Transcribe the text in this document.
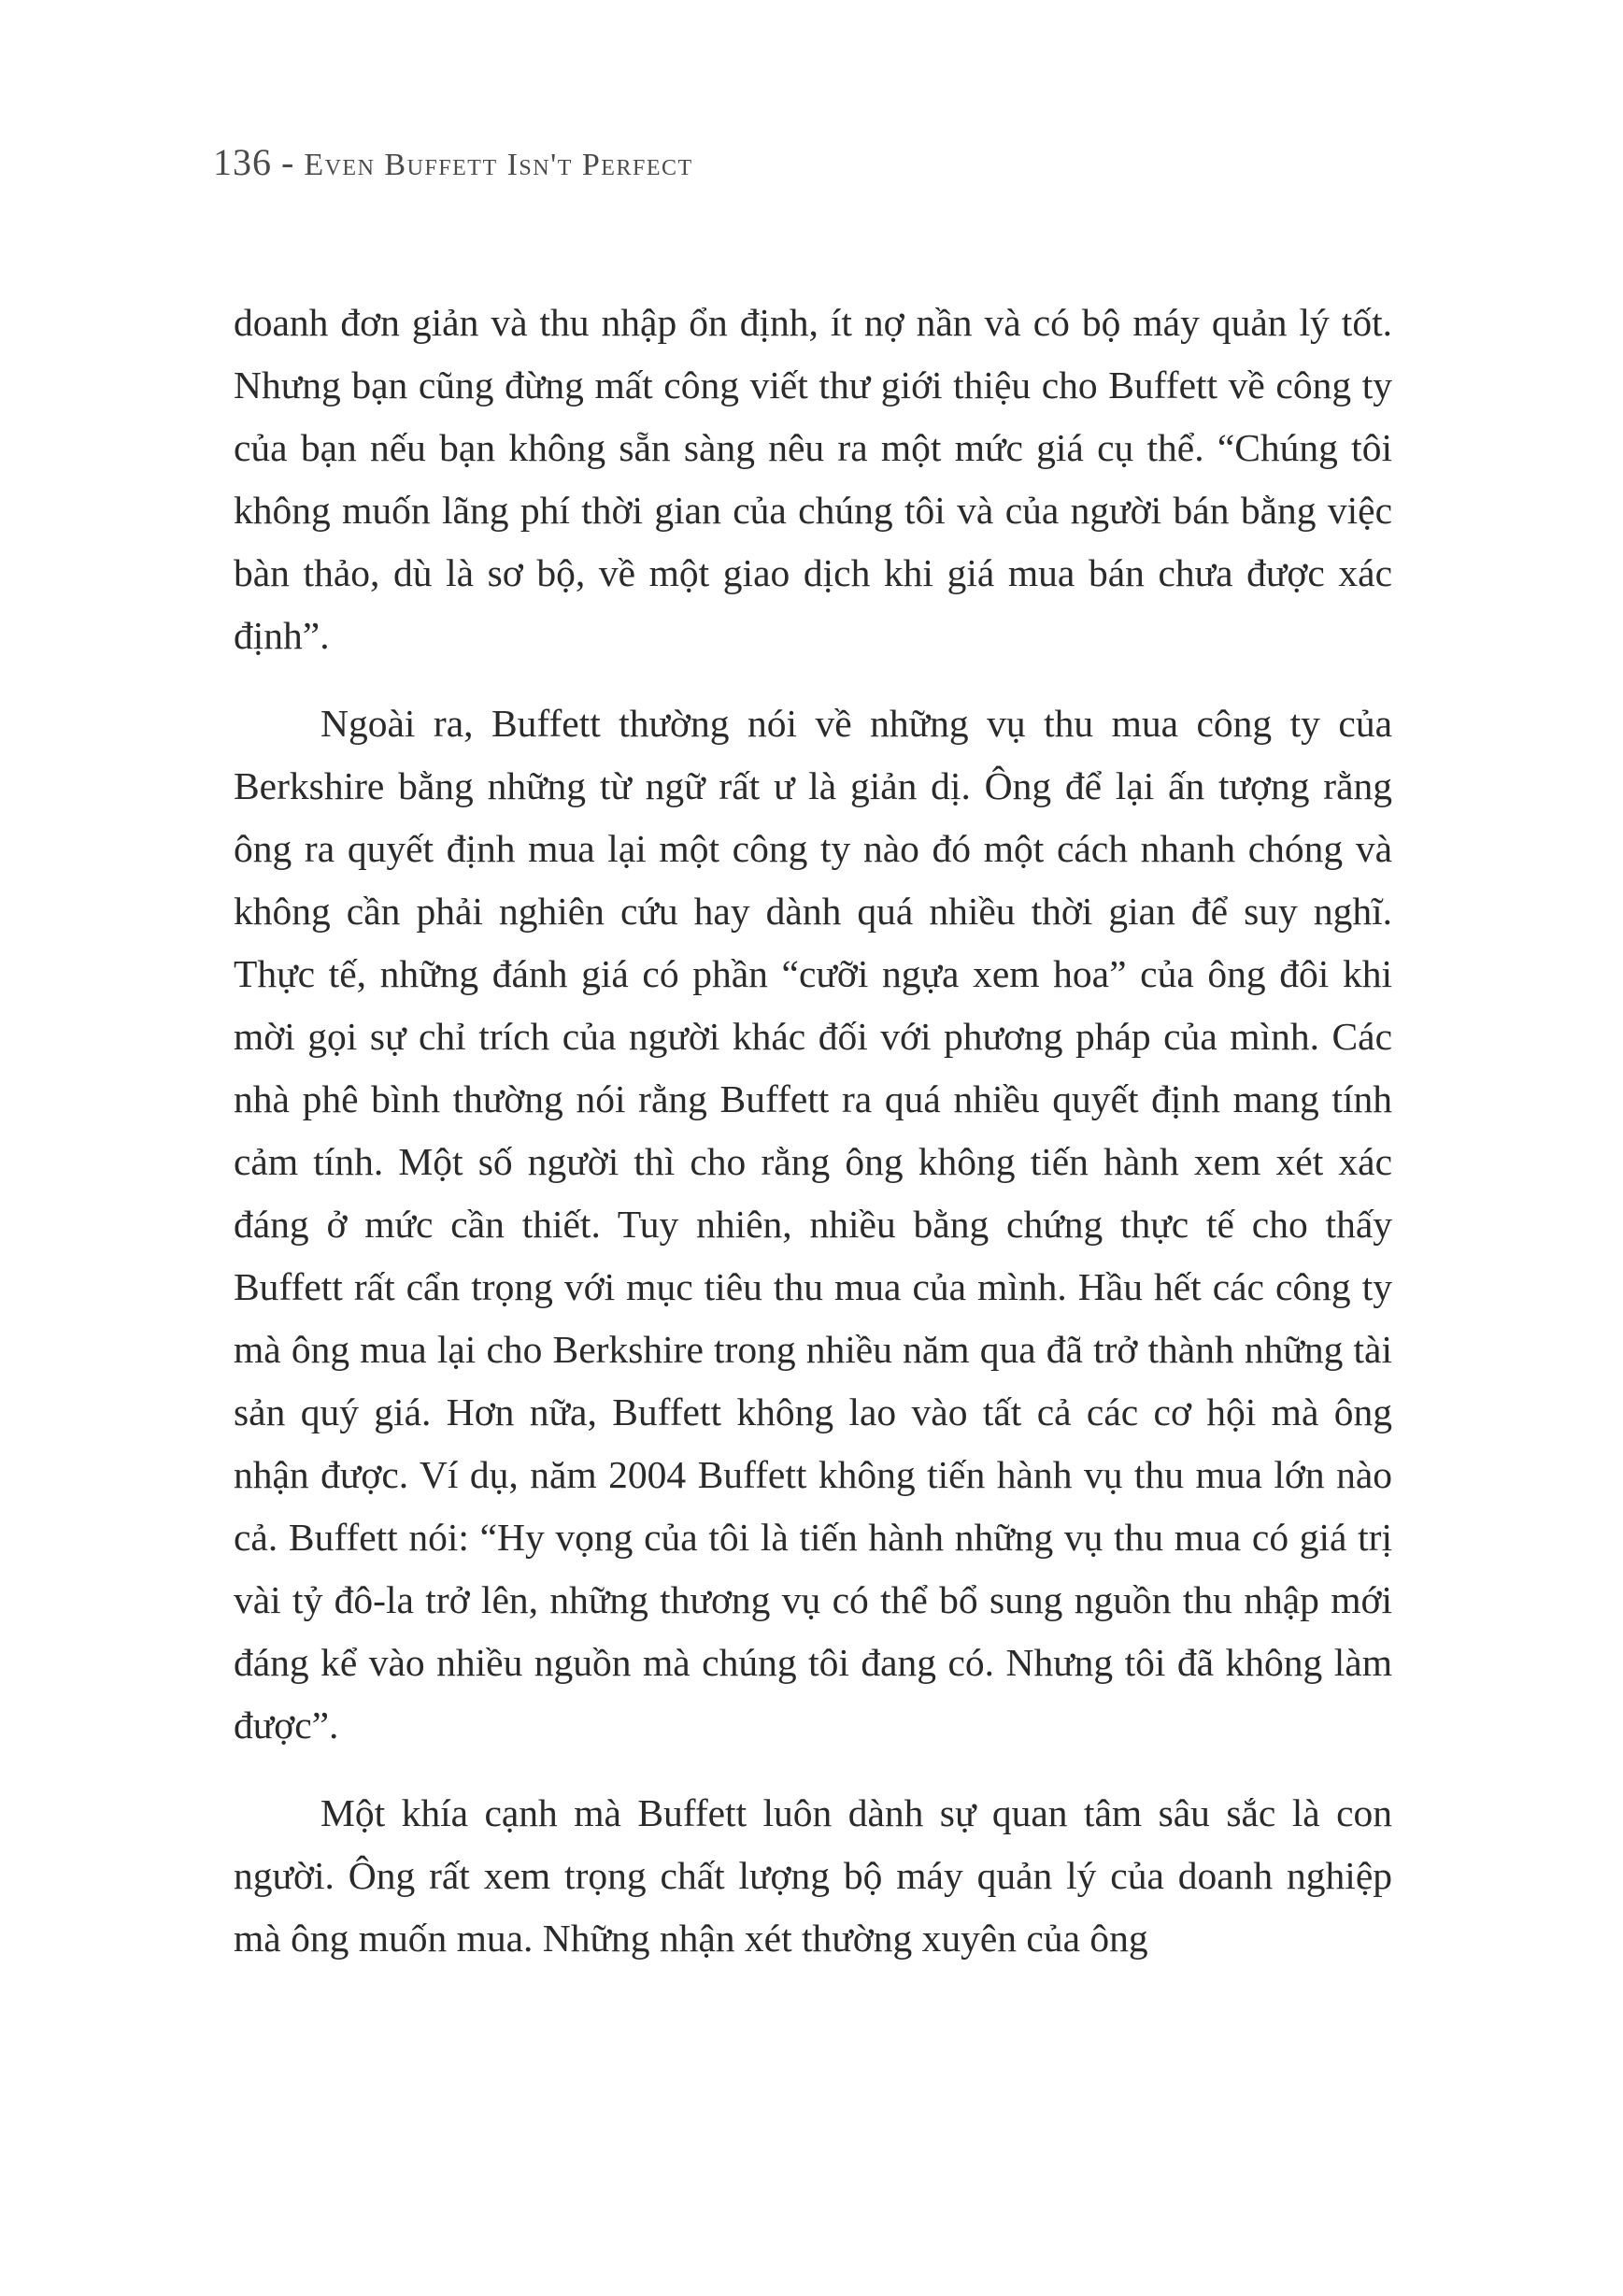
136 - Even Buffett Isn't Perfect

doanh đơn giản và thu nhập ổn định, ít nợ nần và có bộ máy quản lý tốt. Nhưng bạn cũng đừng mất công viết thư giới thiệu cho Buffett về công ty của bạn nếu bạn không sẵn sàng nêu ra một mức giá cụ thể. “Chúng tôi không muốn lãng phí thời gian của chúng tôi và của người bán bằng việc bàn thảo, dù là sơ bộ, về một giao dịch khi giá mua bán chưa được xác định”.

Ngoài ra, Buffett thường nói về những vụ thu mua công ty của Berkshire bằng những từ ngữ rất ư là giản dị. Ông để lại ấn tượng rằng ông ra quyết định mua lại một công ty nào đó một cách nhanh chóng và không cần phải nghiên cứu hay dành quá nhiều thời gian để suy nghĩ. Thực tế, những đánh giá có phần “cưỡi ngựa xem hoa” của ông đôi khi mời gọi sự chỉ trích của người khác đối với phương pháp của mình. Các nhà phê bình thường nói rằng Buffett ra quá nhiều quyết định mang tính cảm tính. Một số người thì cho rằng ông không tiến hành xem xét xác đáng ở mức cần thiết. Tuy nhiên, nhiều bằng chứng thực tế cho thấy Buffett rất cẩn trọng với mục tiêu thu mua của mình. Hầu hết các công ty mà ông mua lại cho Berkshire trong nhiều năm qua đã trở thành những tài sản quý giá. Hơn nữa, Buffett không lao vào tất cả các cơ hội mà ông nhận được. Ví dụ, năm 2004 Buffett không tiến hành vụ thu mua lớn nào cả. Buffett nói: “Hy vọng của tôi là tiến hành những vụ thu mua có giá trị vài tỷ đô-la trở lên, những thương vụ có thể bổ sung nguồn thu nhập mới đáng kể vào nhiều nguồn mà chúng tôi đang có. Nhưng tôi đã không làm được”.

Một khía cạnh mà Buffett luôn dành sự quan tâm sâu sắc là con người. Ông rất xem trọng chất lượng bộ máy quản lý của doanh nghiệp mà ông muốn mua. Những nhận xét thường xuyên của ông
